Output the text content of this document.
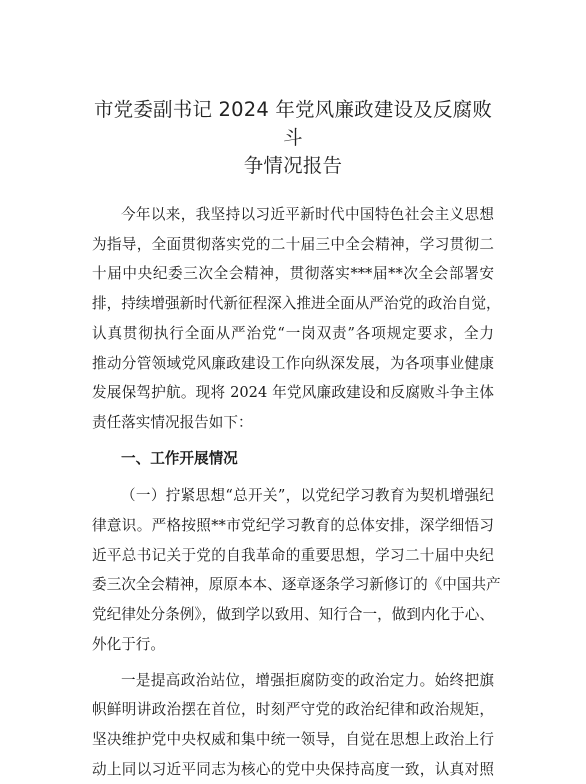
市党委副书记 2024 年党风廉政建设及反腐败斗
争情况报告
今年以来，我坚持以习近平新时代中国特色社会主义思想
为指导，全面贯彻落实党的二十届三中全会精神，学习贯彻二
十届中央纪委三次全会精神，贯彻落实***届**次全会部署安
排，持续增强新时代新征程深入推进全面从严治党的政治自觉，
认真贯彻执行全面从严治党“一岗双责”各项规定要求，全力
推动分管领域党风廉政建设工作向纵深发展，为各项事业健康
发展保驾护航。现将 2024 年党风廉政建设和反腐败斗争主体
责任落实情况报告如下：
一、工作开展情况
（一）拧紧思想“总开关”，以党纪学习教育为契机增强纪
律意识。严格按照**市党纪学习教育的总体安排，深学细悟习
近平总书记关于党的自我革命的重要思想，学习二十届中央纪
委三次全会精神，原原本本、逐章逐条学习新修订的《中国共产
党纪律处分条例》，做到学以致用、知行合一，做到内化于心、
外化于行。
一是提高政治站位，增强拒腐防变的政治定力。始终把旗
帜鲜明讲政治摆在首位，时刻严守党的政治纪律和政治规矩，
坚决维护党中央权威和集中统一领导，自觉在思想上政治上行
动上同以习近平同志为核心的党中央保持高度一致，认真对照
